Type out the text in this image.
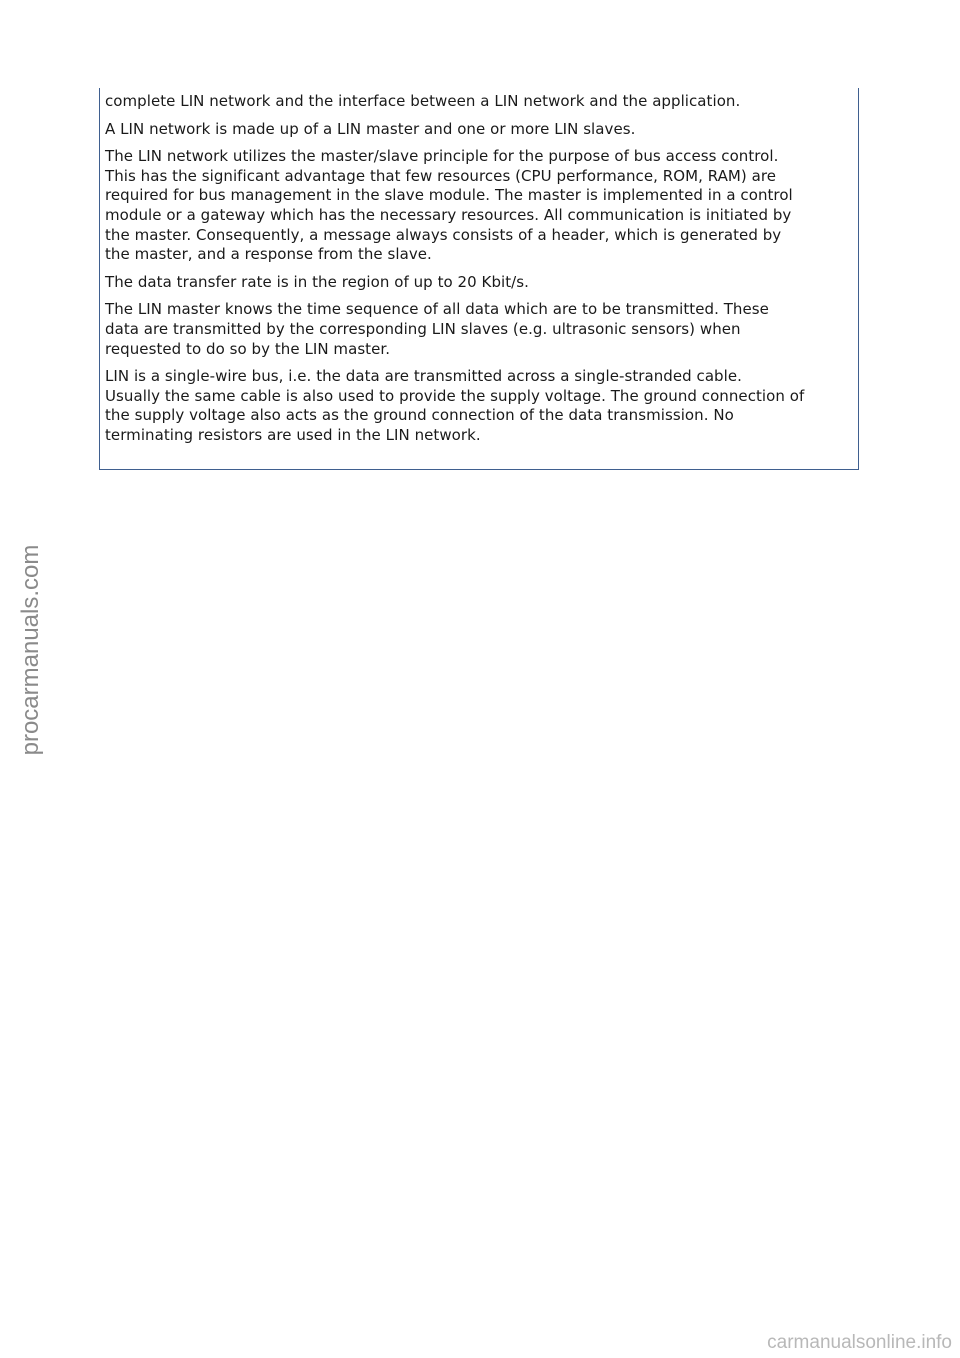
complete LIN network and the interface between a LIN network and the application.

A LIN network is made up of a LIN master and one or more LIN slaves.

The LIN network utilizes the master/slave principle for the purpose of bus access control.
This has the significant advantage that few resources (CPU performance, ROM, RAM) are
required for bus management in the slave module. The master is implemented in a control
module or a gateway which has the necessary resources. All communication is initiated by
the master. Consequently, a message always consists of a header, which is generated by
the master, and a response from the slave.

The data transfer rate is in the region of up to 20 Kbit/s.

The LIN master knows the time sequence of all data which are to be transmitted. These
data are transmitted by the corresponding LIN slaves (e.g. ultrasonic sensors) when
requested to do so by the LIN master.

LIN is a single-wire bus, i.e. the data are transmitted across a single-stranded cable.
Usually the same cable is also used to provide the supply voltage. The ground connection of
the supply voltage also acts as the ground connection of the data transmission. No
terminating resistors are used in the LIN network.

procarmanuals.com
carmanualsonline.info
